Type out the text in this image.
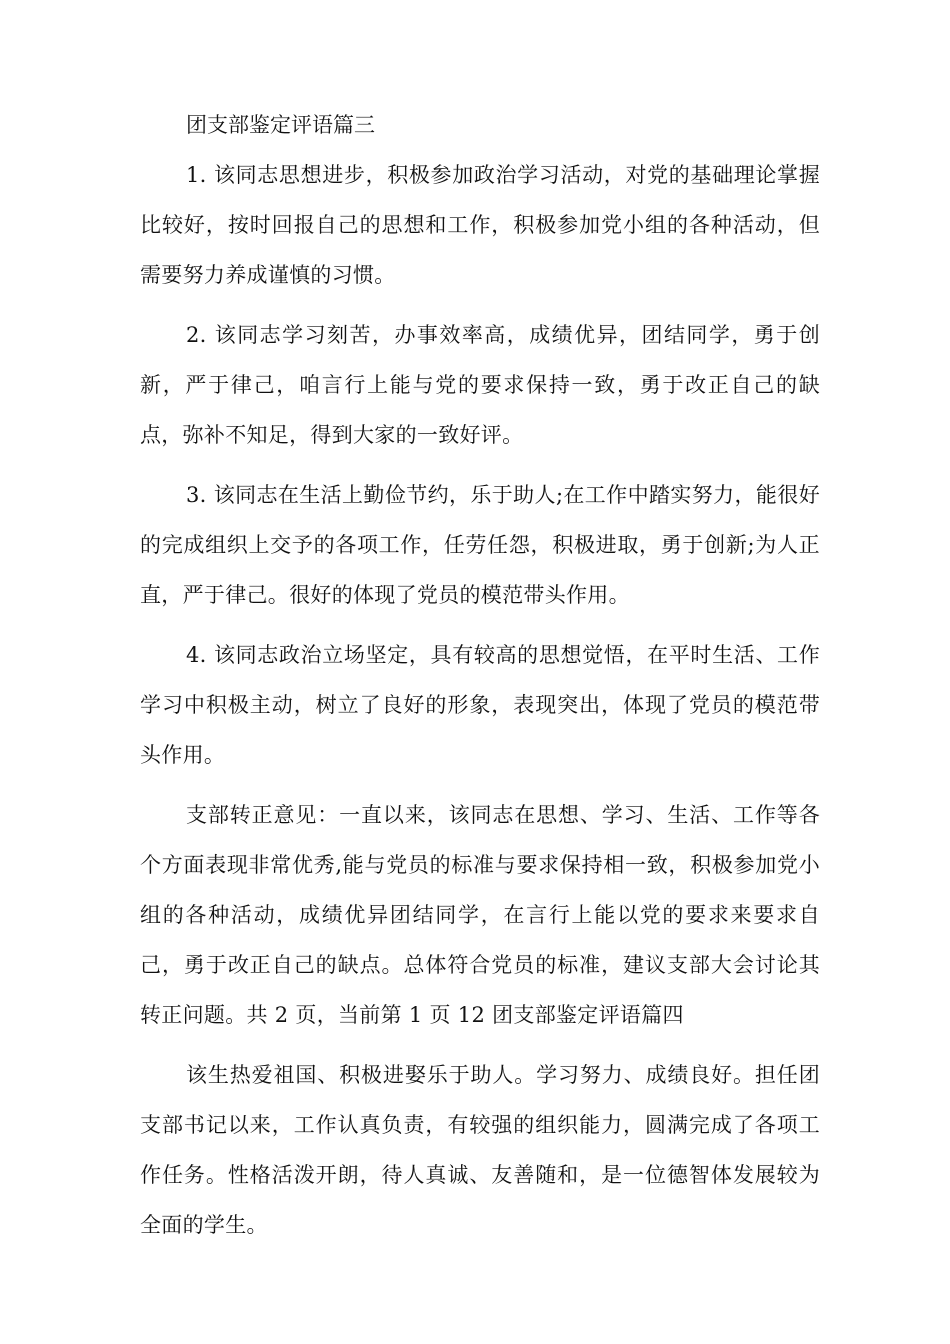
团支部鉴定评语篇三

1. 该同志思想进步，积极参加政治学习活动，对党的基础理论掌握比较好，按时回报自己的思想和工作，积极参加党小组的各种活动，但需要努力养成谨慎的习惯。

2. 该同志学习刻苦，办事效率高，成绩优异，团结同学，勇于创新，严于律己，咱言行上能与党的要求保持一致，勇于改正自己的缺点，弥补不知足，得到大家的一致好评。

3. 该同志在生活上勤俭节约，乐于助人;在工作中踏实努力，能很好的完成组织上交予的各项工作，任劳任怨，积极进取，勇于创新;为人正直，严于律己。很好的体现了党员的模范带头作用。

4. 该同志政治立场坚定，具有较高的思想觉悟，在平时生活、工作学习中积极主动，树立了良好的形象，表现突出，体现了党员的模范带头作用。

支部转正意见：一直以来，该同志在思想、学习、生活、工作等各个方面表现非常优秀,能与党员的标准与要求保持相一致，积极参加党小组的各种活动，成绩优异团结同学，在言行上能以党的要求来要求自己，勇于改正自己的缺点。总体符合党员的标准，建议支部大会讨论其转正问题。共 2 页，当前第 1 页 12 团支部鉴定评语篇四

该生热爱祖国、积极进娶乐于助人。学习努力、成绩良好。担任团支部书记以来，工作认真负责，有较强的组织能力，圆满完成了各项工作任务。性格活泼开朗，待人真诚、友善随和，是一位德智体发展较为全面的学生。
